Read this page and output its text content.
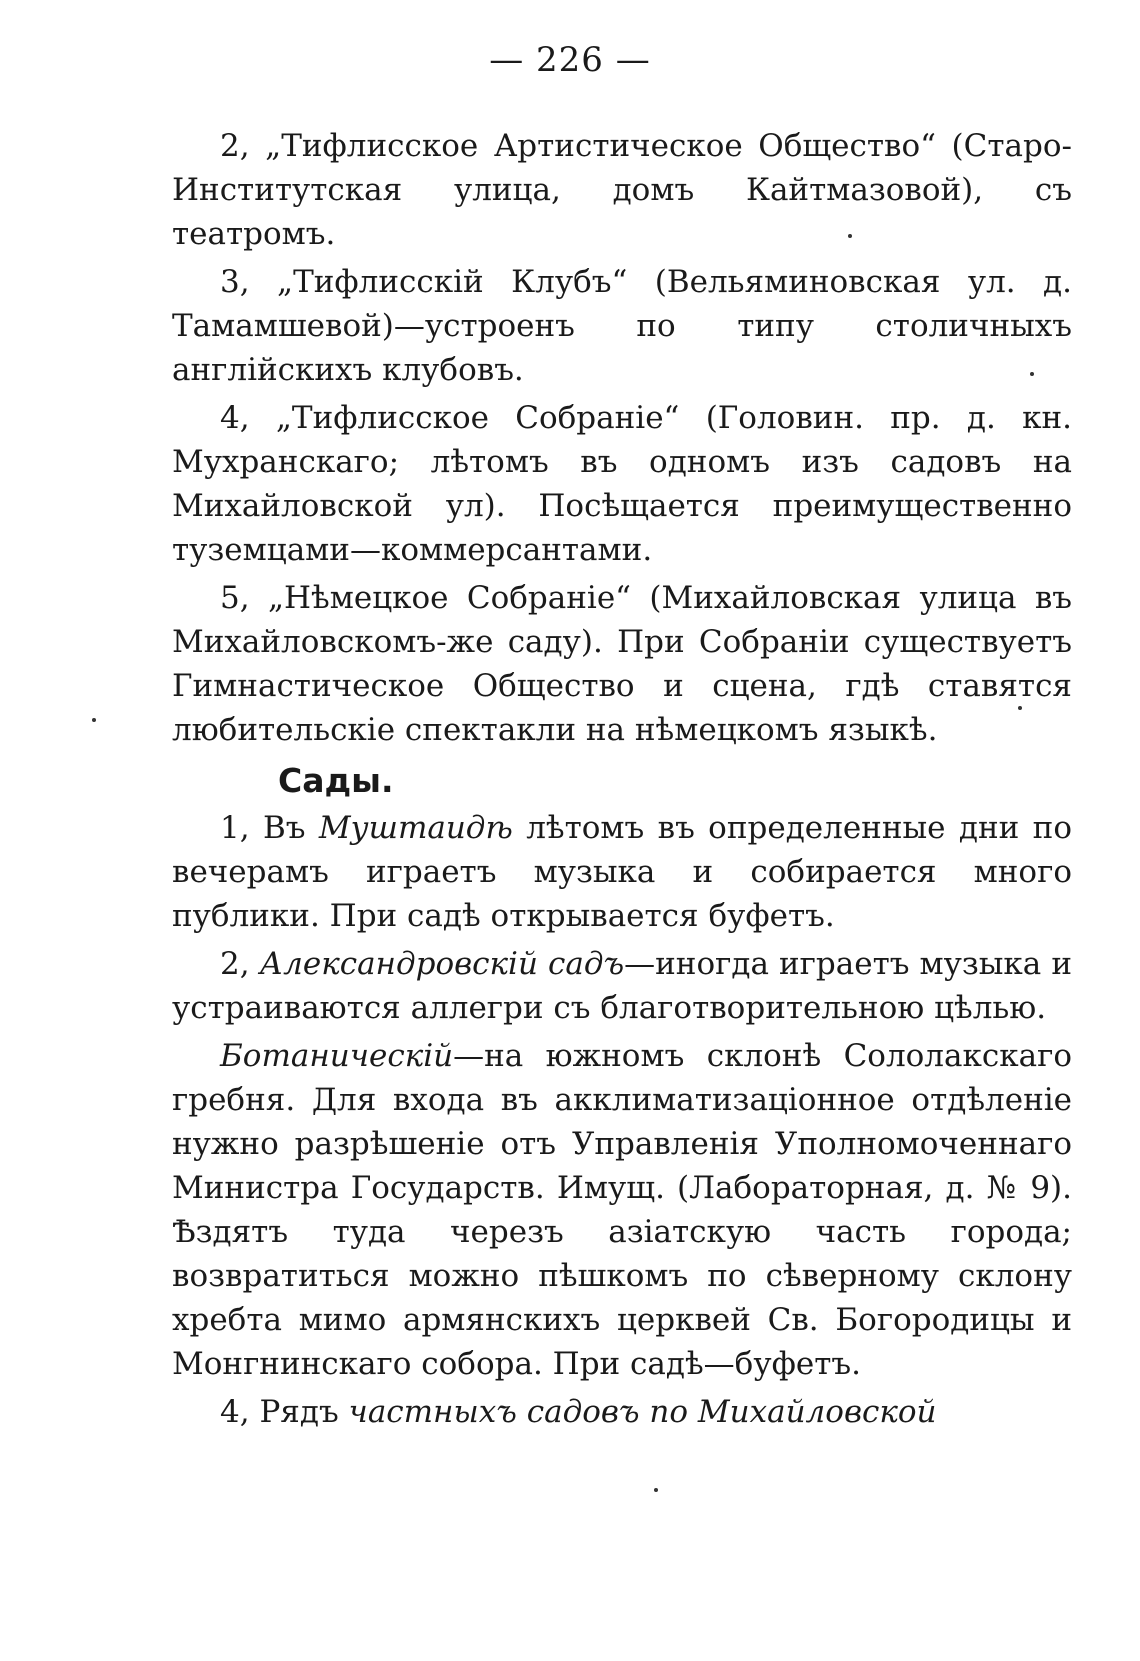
— 226 —

2, „Тифлисское Артистическое Общество“ (Старо-Институтская улица, домъ Кайтмазовой), съ театромъ.

3, „Тифлисскій Клубъ“ (Вельяминовская ул. д. Тамамшевой)—устроенъ по типу столичныхъ англійскихъ клубовъ.

4, „Тифлисское Собраніе“ (Головин. пр. д. кн. Мухранскаго; лѣтомъ въ одномъ изъ садовъ на Михайловской ул). Посѣщается преимущественно туземцами—коммерсантами.

5, „Нѣмецкое Собраніе“ (Михайловская улица въ Михайловскомъ-же саду). При Собраніи существуетъ Гимнастическое Общество и сцена, гдѣ ставятся любительскіе спектакли на нѣмецкомъ языкѣ.

Сады.

1, Въ Муштаидѣ лѣтомъ въ определенные дни по вечерамъ играетъ музыка и собирается много публики. При садѣ открывается буфетъ.

2, Александровскій садъ—иногда играетъ музыка и устраиваются аллегри съ благотворительною цѣлью.

Ботаническій—на южномъ склонѣ Сололакскаго гребня. Для входа въ акклиматизаціонное отдѣленіе нужно разрѣшеніе отъ Управленія Уполномоченнаго Министра Государств. Имущ. (Лабораторная, д. № 9). Ѣздятъ туда черезъ азіатскую часть города; возвратиться можно пѣшкомъ по сѣверному склону хребта мимо армянскихъ церквей Св. Богородицы и Монгнинскаго собора. При садѣ—буфетъ.

4, Рядъ частныхъ садовъ по Михайловской
